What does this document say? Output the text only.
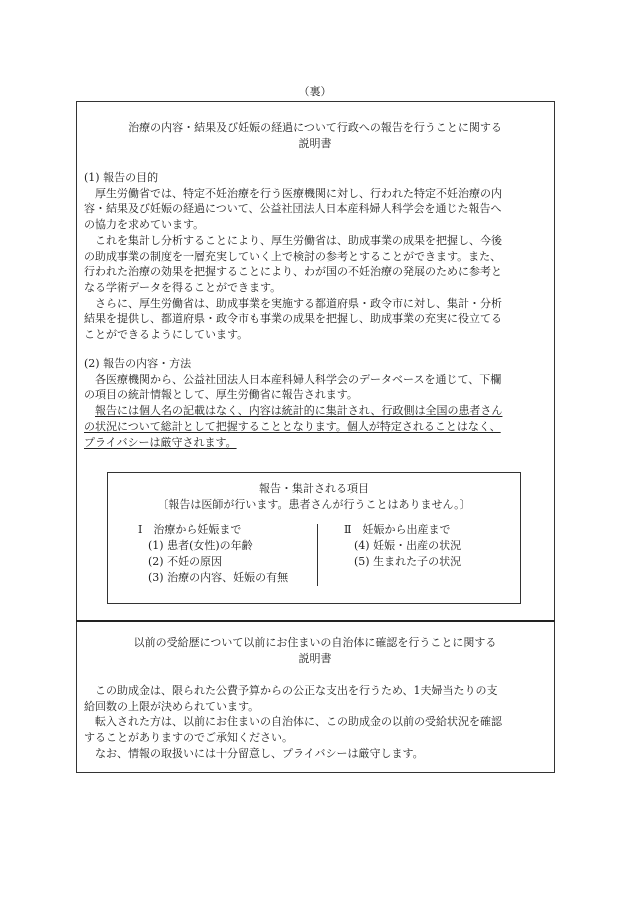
（裏）
治療の内容・結果及び妊娠の経過について行政への報告を行うことに関する
説明書

(1) 報告の目的

厚生労働省では、特定不妊治療を行う医療機関に対し、行われた特定不妊治療の内

容・結果及び妊娠の経過について、公益社団法人日本産科婦人科学会を通じた報告へ

の協力を求めています。

これを集計し分析することにより、厚生労働省は、助成事業の成果を把握し、今後

の助成事業の制度を一層充実していく上で検討の参考とすることができます。また、

行われた治療の効果を把握することにより、わが国の不妊治療の発展のために参考と

なる学術データを得ることができます。

さらに、厚生労働省は、助成事業を実施する都道府県・政令市に対し、集計・分析

結果を提供し、都道府県・政令市も事業の成果を把握し、助成事業の充実に役立てる

ことができるようにしています。

(2) 報告の内容・方法

各医療機関から、公益社団法人日本産科婦人科学会のデータベースを通じて、下欄

の項目の統計情報として、厚生労働省に報告されます。

報告には個人名の記載はなく、内容は統計的に集計され、行政側は全国の患者さん

の状況について総計として把握することとなります。個人が特定されることはなく、

プライバシーは厳守されます。

報告・集計される項目
〔報告は医師が行います。患者さんが行うことはありません。〕
Ⅰ　治療から妊娠まで
(1) 患者(女性)の年齢
(2) 不妊の原因
(3) 治療の内容、妊娠の有無
Ⅱ　妊娠から出産まで
(4) 妊娠・出産の状況
(5) 生まれた子の状況
以前の受給歴について以前にお住まいの自治体に確認を行うことに関する
説明書

この助成金は、限られた公費予算からの公正な支出を行うため、1夫婦当たりの支

給回数の上限が決められています。

転入された方は、以前にお住まいの自治体に、この助成金の以前の受給状況を確認

することがありますのでご承知ください。

なお、情報の取扱いには十分留意し、プライバシーは厳守します。
